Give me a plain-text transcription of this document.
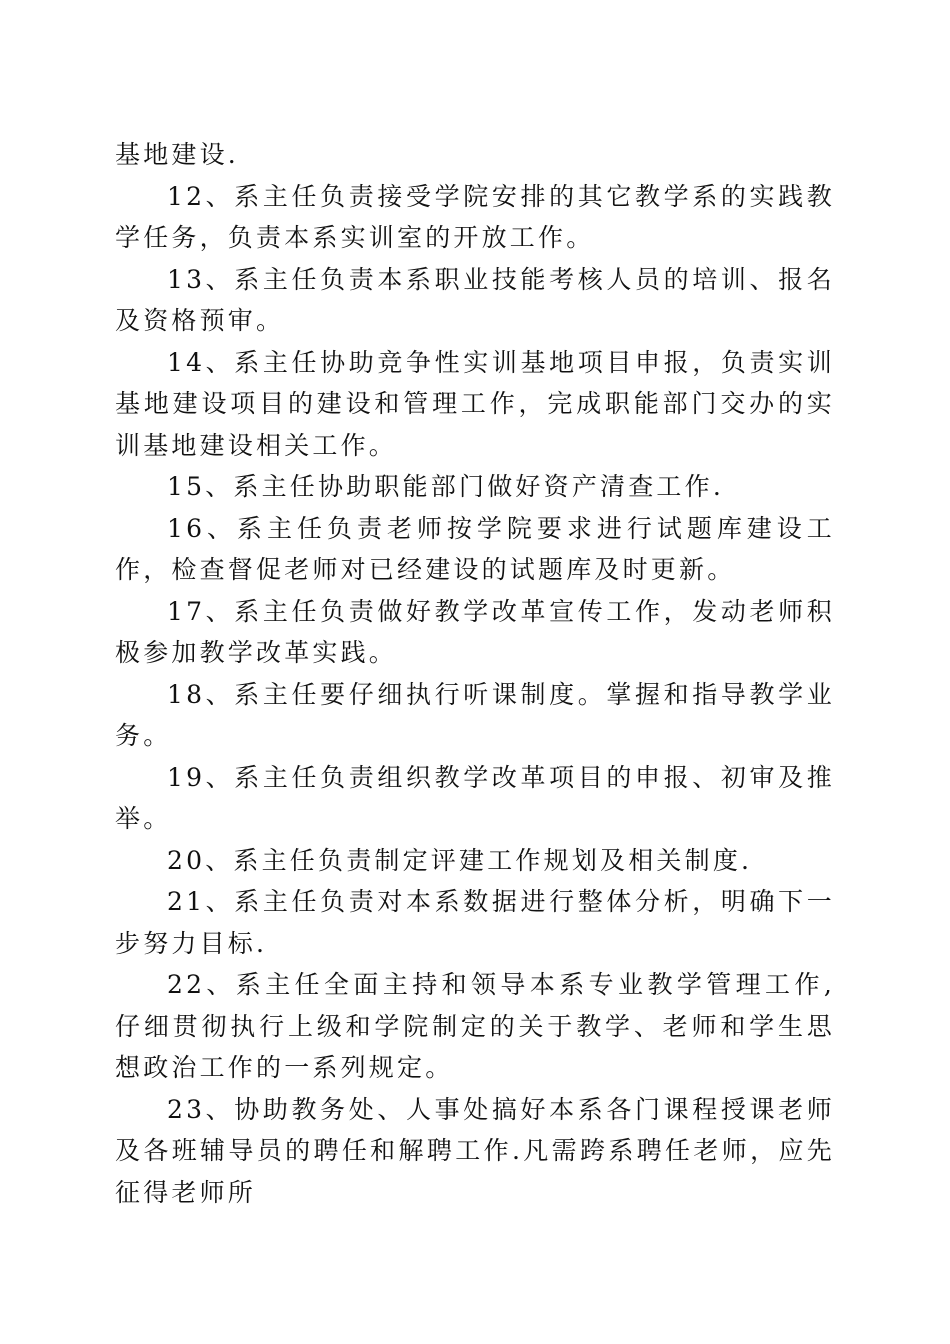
基地建设.

12、系主任负责接受学院安排的其它教学系的实践教学任务，负责本系实训室的开放工作。

13、系主任负责本系职业技能考核人员的培训、报名及资格预审。

14、系主任协助竞争性实训基地项目申报，负责实训基地建设项目的建设和管理工作，完成职能部门交办的实训基地建设相关工作。

15、系主任协助职能部门做好资产清查工作.

16、系主任负责老师按学院要求进行试题库建设工作，检查督促老师对已经建设的试题库及时更新。

17、系主任负责做好教学改革宣传工作，发动老师积极参加教学改革实践。

18、系主任要仔细执行听课制度。掌握和指导教学业务。

19、系主任负责组织教学改革项目的申报、初审及推举。

20、系主任负责制定评建工作规划及相关制度.

21、系主任负责对本系数据进行整体分析，明确下一步努力目标.

22、系主任全面主持和领导本系专业教学管理工作,仔细贯彻执行上级和学院制定的关于教学、老师和学生思想政治工作的一系列规定。

23、协助教务处、人事处搞好本系各门课程授课老师及各班辅导员的聘任和解聘工作.凡需跨系聘任老师，应先征得老师所
